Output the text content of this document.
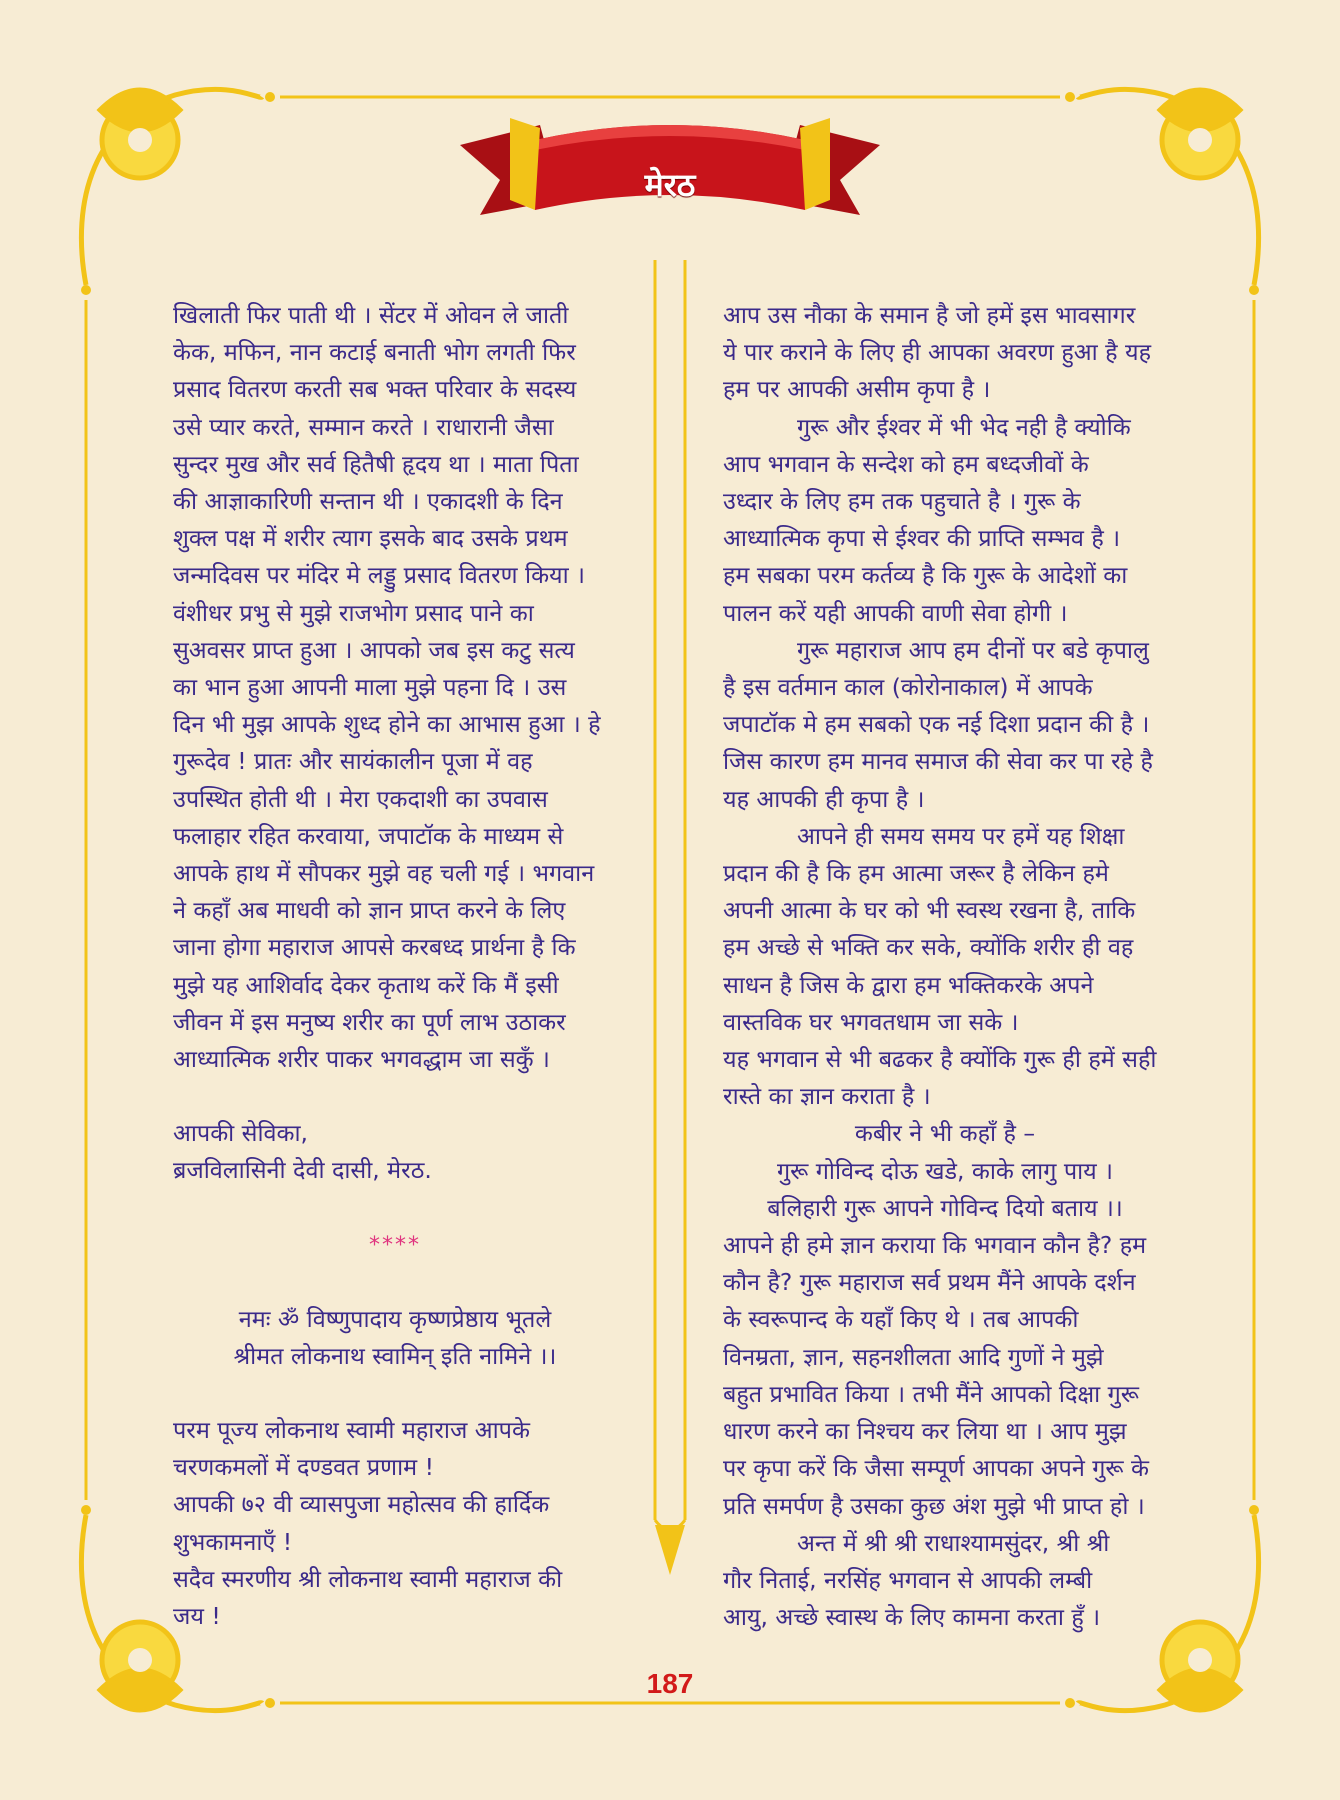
मेरठ

खिलाती फिर पाती थी । सेंटर में ओवन ले जाती

केक, मफिन, नान कटाई बनाती भोग लगती फिर

प्रसाद वितरण करती सब भक्त परिवार के सदस्य

उसे प्यार करते, सम्मान करते । राधारानी जैसा

सुन्दर मुख और सर्व हितैषी हृदय था । माता पिता

की आज्ञाकारिणी सन्तान थी । एकादशी के दिन

शुक्ल पक्ष में शरीर त्याग इसके बाद उसके प्रथम

जन्मदिवस पर मंदिर मे लड्डु प्रसाद वितरण किया ।

वंशीधर प्रभु से मुझे राजभोग प्रसाद पाने का

सुअवसर प्राप्त हुआ । आपको जब इस कटु सत्य

का भान हुआ आपनी माला मुझे पहना दि । उस

दिन भी मुझ आपके शुध्द होने का आभास हुआ । हे

गुरूदेव ! प्रातः और सायंकालीन पूजा में वह

उपस्थित होती थी । मेरा एकदाशी का उपवास

फलाहार रहित करवाया, जपाटॉक के माध्यम से

आपके हाथ में सौपकर मुझे वह चली गई । भगवान

ने कहाँ अब माधवी को ज्ञान प्राप्त करने के लिए

जाना होगा महाराज आपसे करबध्द प्रार्थना है कि

मुझे यह आशिर्वाद देकर कृताथ करें कि मैं इसी

जीवन में इस मनुष्य शरीर का पूर्ण लाभ उठाकर

आध्यात्मिक शरीर पाकर भगवद्धाम जा सकुँ ।

आपकी सेविका,

ब्रजविलासिनी देवी दासी, मेरठ.

****

नमः ॐ विष्णुपादाय कृष्णप्रेष्ठाय भूतले

श्रीमत लोकनाथ स्वामिन् इति नामिने ।।

परम पूज्य लोकनाथ स्वामी महाराज आपके

चरणकमलों में दण्डवत प्रणाम !

आपकी ७२ वी व्यासपुजा महोत्सव की हार्दिक

शुभकामनाएँ !

सदैव स्मरणीय श्री लोकनाथ स्वामी महाराज की

जय !

आप उस नौका के समान है जो हमें इस भावसागर

ये पार कराने के लिए ही आपका अवरण हुआ है यह

हम पर आपकी असीम कृपा है ।

गुरू और ईश्वर में भी भेद नही है क्योकि

आप भगवान के सन्देश को हम बध्दजीवों के

उध्दार के लिए हम तक पहुचाते है । गुरू के

आध्यात्मिक कृपा से ईश्वर की प्राप्ति सम्भव है ।

हम सबका परम कर्तव्य है कि गुरू के आदेशों का

पालन करें यही आपकी वाणी सेवा होगी ।

गुरू महाराज आप हम दीनों पर बडे कृपालु

है इस वर्तमान काल (कोरोनाकाल) में आपके

जपाटॉक मे हम सबको एक नई दिशा प्रदान की है ।

जिस कारण हम मानव समाज की सेवा कर पा रहे है

यह आपकी ही कृपा है ।

आपने ही समय समय पर हमें यह शिक्षा

प्रदान की है कि हम आत्मा जरूर है लेकिन हमे

अपनी आत्मा के घर को भी स्वस्थ रखना है, ताकि

हम अच्छे से भक्ति कर सके, क्योंकि शरीर ही वह

साधन है जिस के द्वारा हम भक्तिकरके अपने

वास्तविक घर भगवतधाम जा सके ।

यह भगवान से भी बढकर है क्योंकि गुरू ही हमें सही

रास्ते का ज्ञान कराता है ।

कबीर ने भी कहाँ है –

गुरू गोविन्द दोऊ खडे, काके लागु पाय ।

बलिहारी गुरू आपने गोविन्द दियो बताय ।।

आपने ही हमे ज्ञान कराया कि भगवान कौन है? हम

कौन है? गुरू महाराज सर्व प्रथम मैंने आपके दर्शन

के स्वरूपान्द के यहाँ किए थे । तब आपकी

विनम्रता, ज्ञान, सहनशीलता आदि गुणों ने मुझे

बहुत प्रभावित किया । तभी मैंने आपको दिक्षा गुरू

धारण करने का निश्चय कर लिया था । आप मुझ

पर कृपा करें कि जैसा सम्पूर्ण आपका अपने गुरू के

प्रति समर्पण है उसका कुछ अंश मुझे भी प्राप्त हो ।

अन्त में श्री श्री राधाश्यामसुंदर, श्री श्री

गौर निताई, नरसिंह भगवान से आपकी लम्बी

आयु, अच्छे स्वास्थ के लिए कामना करता हुँ ।

187
